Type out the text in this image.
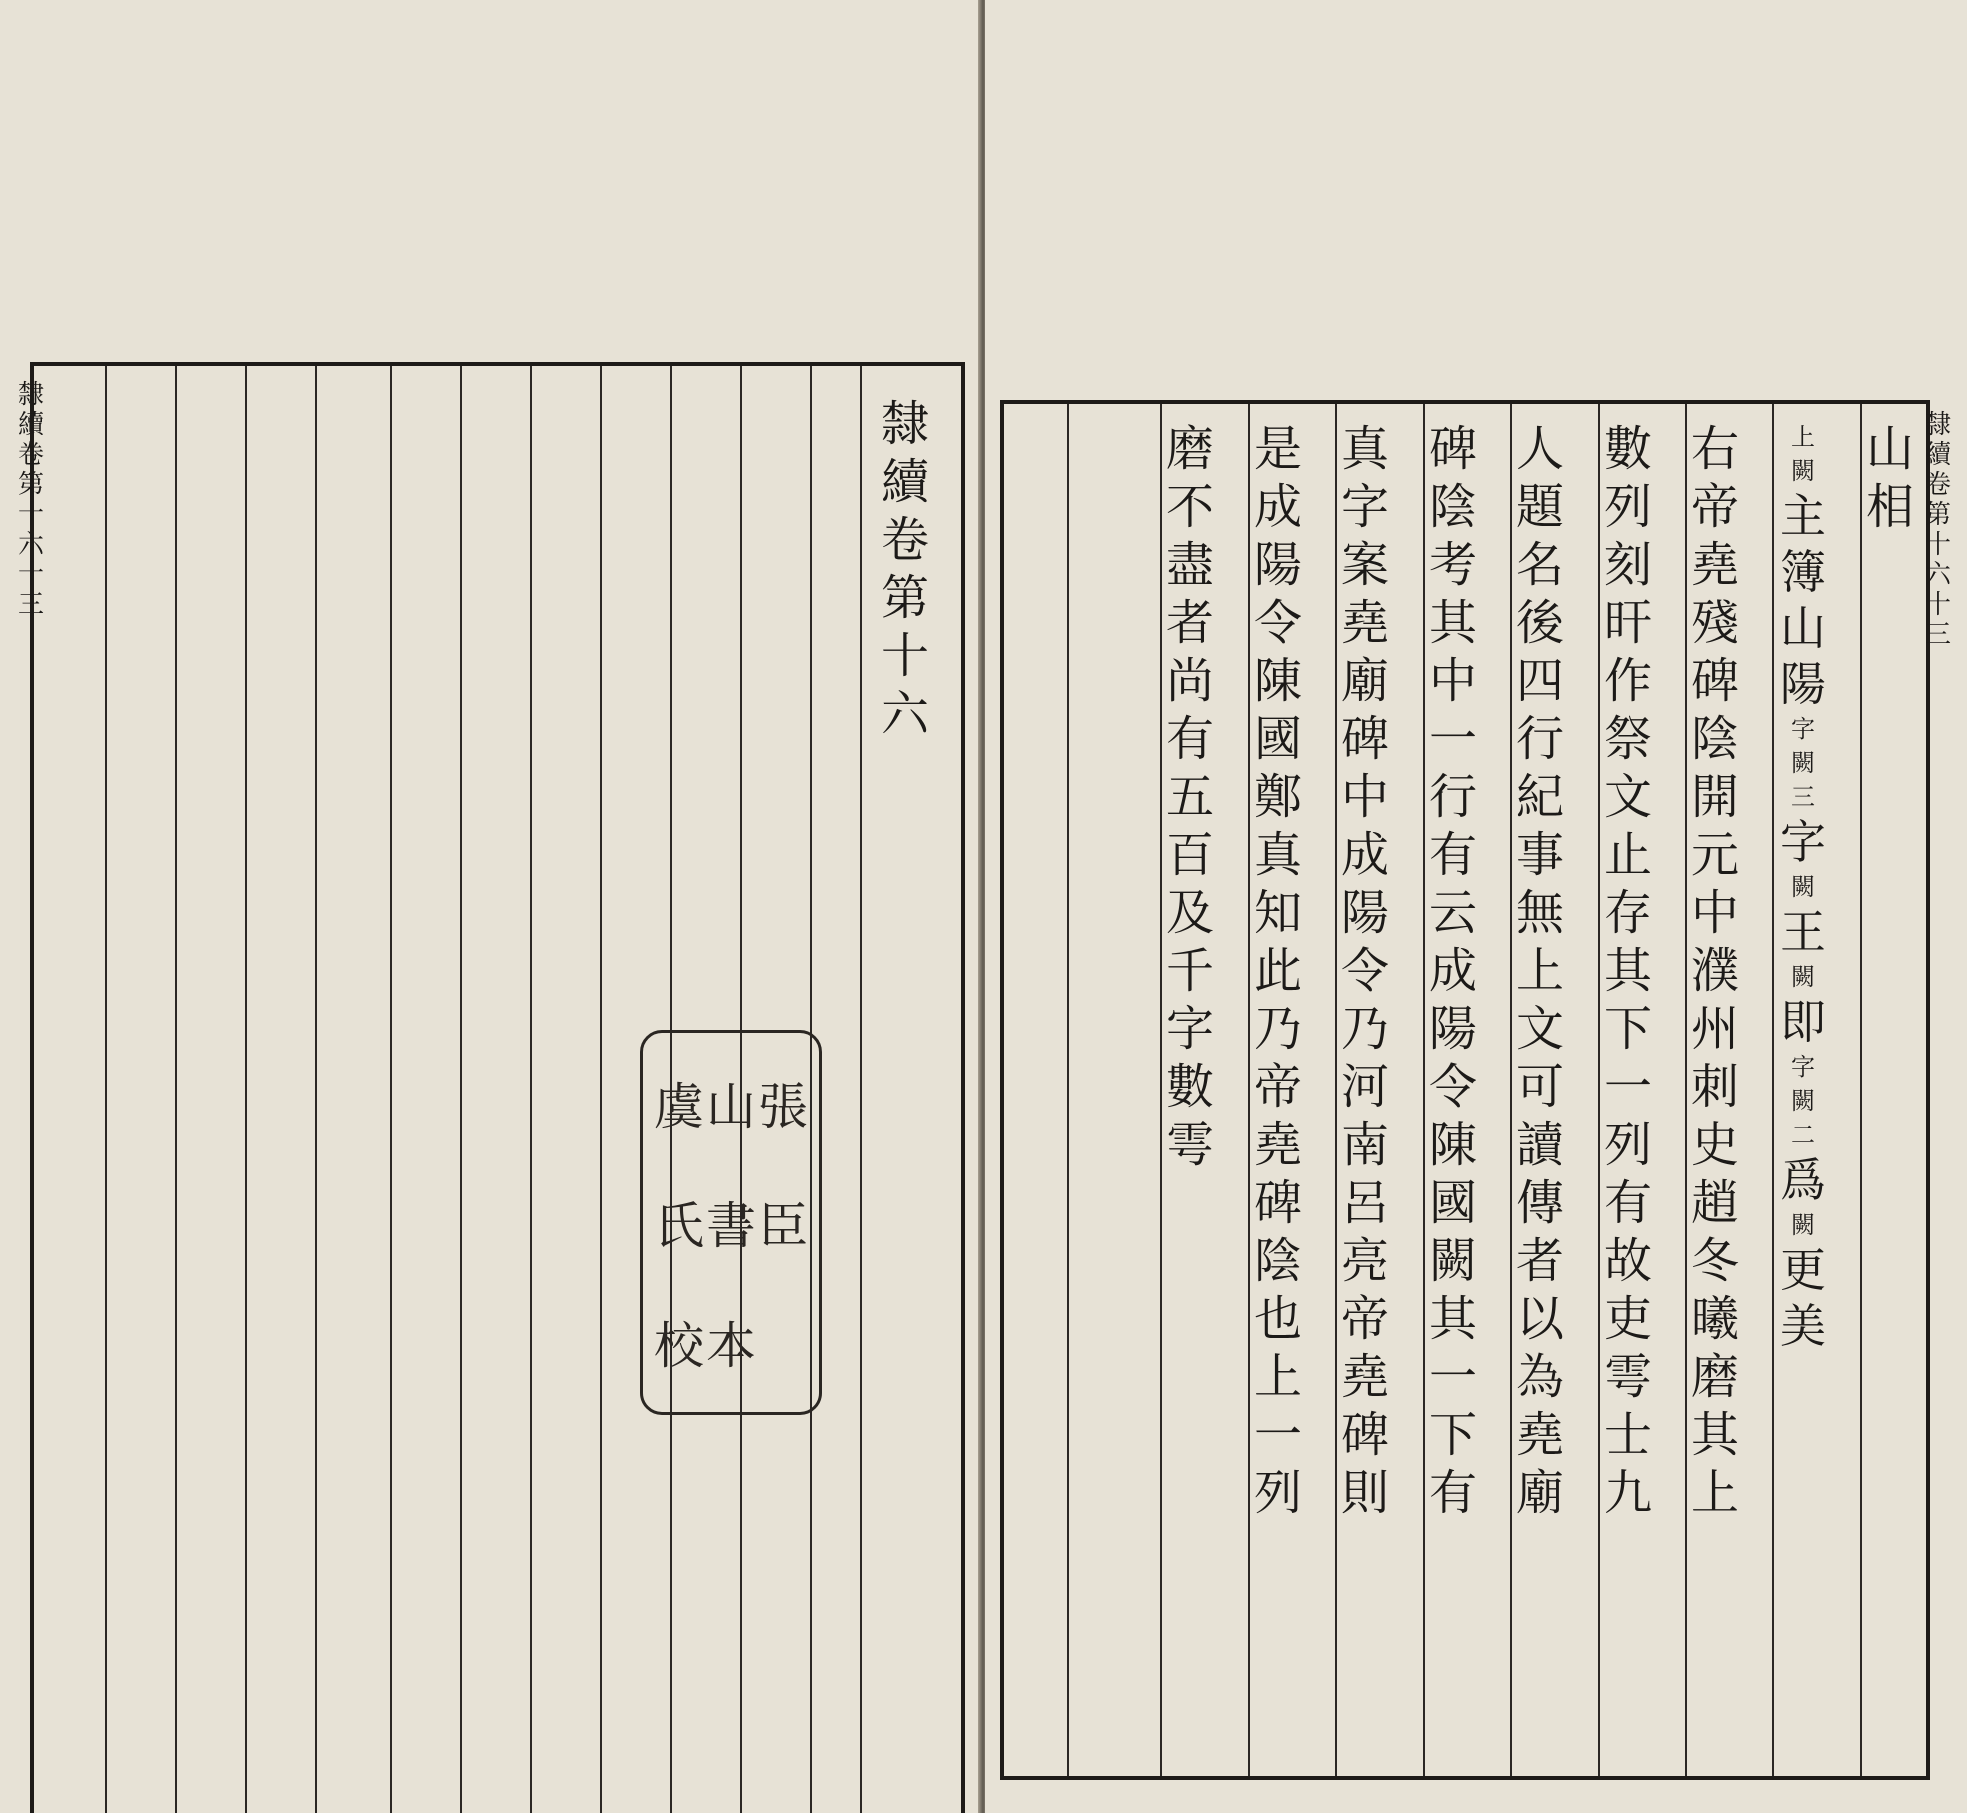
隸
續
卷
第
十
六
虞 山 張
氏 書 臣
校 本
隸
續
卷
第
十
六
十
三
山
相
上
闕
主
簿
山
陽
字
闕
三
字
闕
王
闕
即
字
闕
二
爲
闕
更
美
右
帝
堯
殘
碑
陰
開
元
中
濮
州
刺
史
趙
冬
曦
磨
其
上
數
列
刻
旰
作
祭
文
止
存
其
下
一
列
有
故
吏
雩
士
九
人
題
名
後
四
行
紀
事
無
上
文
可
讀
傳
者
以
為
堯
廟
碑
陰
考
其
中
一
行
有
云
成
陽
令
陳
國
闕
其
一
下
有
真
字
案
堯
廟
碑
中
成
陽
令
乃
河
南
呂
亮
帝
堯
碑
則
是
成
陽
令
陳
國
鄭
真
知
此
乃
帝
堯
碑
陰
也
上
一
列
磨
不
盡
者
尚
有
五
百
及
千
字
數
雩
隸
續
卷
第
十
六
十
三
